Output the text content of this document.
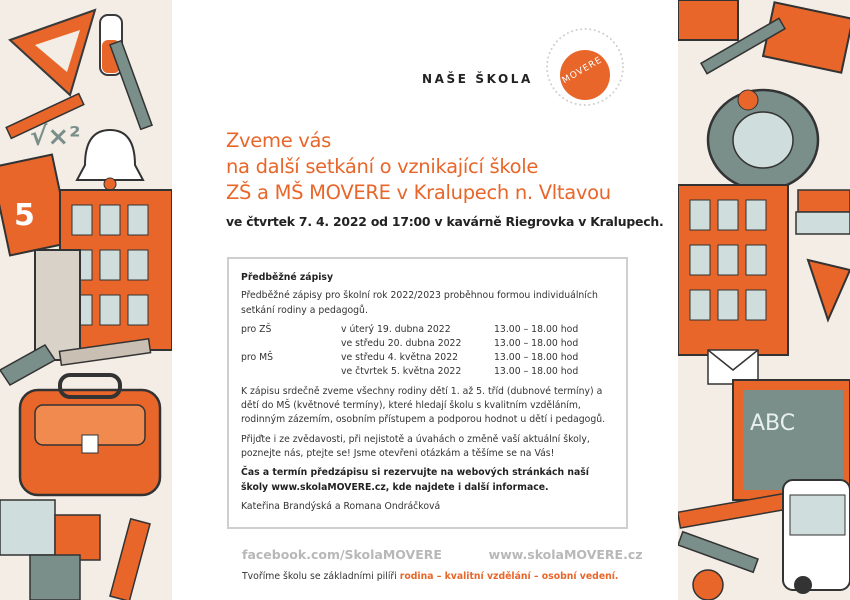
√×²
5
ABC
NAŠE ŠKOLA	MOVERE
Zveme vás
na další setkání o vznikající škole
ZŠ a MŠ MOVERE v Kralupech n. Vltavou
ve čtvrtek 7. 4. 2022 od 17:00 v kavárně Riegrovka v Kralupech.
Předběžné zápisy

Předběžné zápisy pro školní rok 2022/2023 proběhnou formou individuálních setkání rodiny a pedagogů.

pro ZŠ	v úterý 19. dubna 2022	13.00 – 18.00 hod
	ve středu 20. dubna 2022	13.00 – 18.00 hod
pro MŠ	ve středu 4. května 2022	13.00 – 18.00 hod
	ve čtvrtek 5. května 2022	13.00 – 18.00 hod

K zápisu srdečně zveme všechny rodiny dětí 1. až 5. tříd (dubnové termíny) a dětí do MŠ (květnové termíny), které hledají školu s kvalitním vzděláním, rodinným zázemím, osobním přístupem a podporou hodnot u dětí i pedagogů.

Přijďte i ze zvědavosti, při nejistotě a úvahách o změně vaší aktuální školy, poznejte nás, ptejte se! Jsme otevřeni otázkám a těšíme se na Vás!

Čas a termín předzápisu si rezervujte na webových stránkách naší školy www.skolaMOVERE.cz, kde najdete i další informace.

Kateřina Brandýská a Romana Ondráčková

facebook.com/SkolaMOVERE	www.skolaMOVERE.cz
Tvoříme školu se základními pilíři rodina – kvalitní vzdělání – osobní vedení.
